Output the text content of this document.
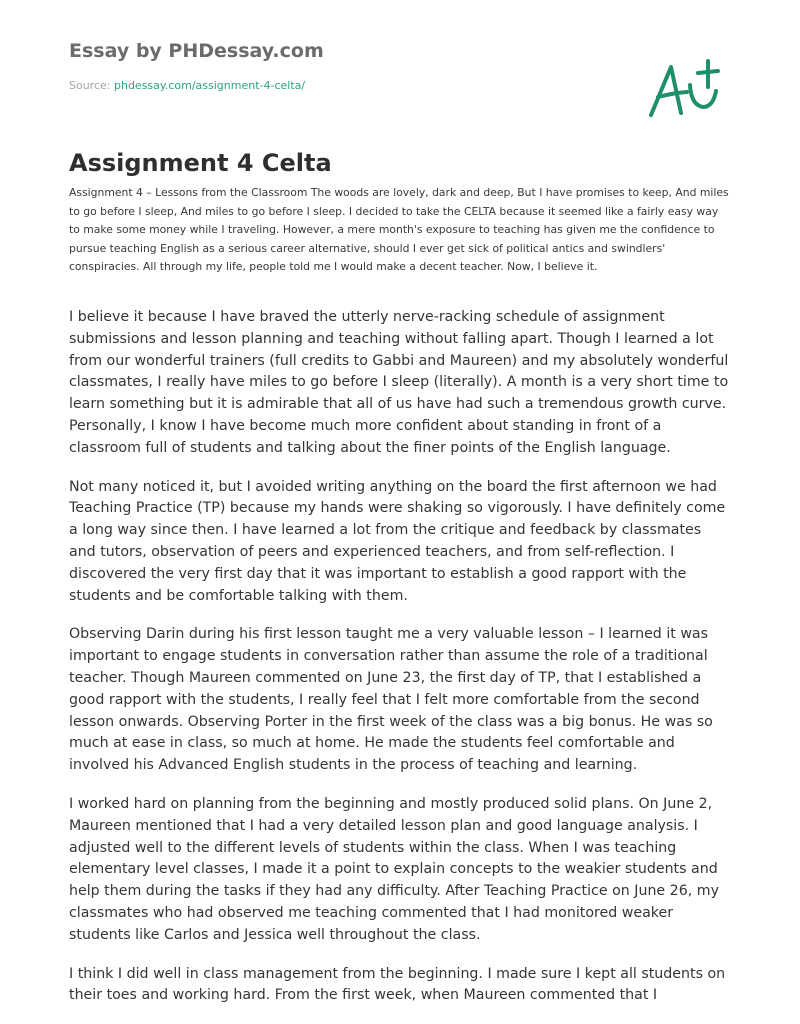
Essay by PHDessay.com
Source: phdessay.com/assignment-4-celta/
Assignment 4 Celta

Assignment 4 – Lessons from the Classroom The woods are lovely, dark and deep, But I have promises to keep, And miles to go before I sleep, And miles to go before I sleep. I decided to take the CELTA because it seemed like a fairly easy way to make some money while I traveling. However, a mere month's exposure to teaching has given me the confidence to pursue teaching English as a serious career alternative, should I ever get sick of political antics and swindlers' conspiracies. All through my life, people told me I would make a decent teacher. Now, I believe it.

I believe it because I have braved the utterly nerve-racking schedule of assignment submissions and lesson planning and teaching without falling apart. Though I learned a lot from our wonderful trainers (full credits to Gabbi and Maureen) and my absolutely wonderful classmates, I really have miles to go before I sleep (literally). A month is a very short time to learn something but it is admirable that all of us have had such a tremendous growth curve. Personally, I know I have become much more confident about standing in front of a classroom full of students and talking about the finer points of the English language.

Not many noticed it, but I avoided writing anything on the board the first afternoon we had Teaching Practice (TP) because my hands were shaking so vigorously. I have definitely come a long way since then. I have learned a lot from the critique and feedback by classmates and tutors, observation of peers and experienced teachers, and from self-reflection. I discovered the very first day that it was important to establish a good rapport with the students and be comfortable talking with them.

Observing Darin during his first lesson taught me a very valuable lesson – I learned it was important to engage students in conversation rather than assume the role of a traditional teacher. Though Maureen commented on June 23, the first day of TP, that I established a good rapport with the students, I really feel that I felt more comfortable from the second lesson onwards. Observing Porter in the first week of the class was a big bonus. He was so much at ease in class, so much at home. He made the students feel comfortable and involved his Advanced English students in the process of teaching and learning.

I worked hard on planning from the beginning and mostly produced solid plans. On June 2, Maureen mentioned that I had a very detailed lesson plan and good language analysis. I adjusted well to the different levels of students within the class. When I was teaching elementary level classes, I made it a point to explain concepts to the weakier students and help them during the tasks if they had any difficulty. After Teaching Practice on June 26, my classmates who had observed me teaching commented that I had monitored weaker students like Carlos and Jessica well throughout the class.

I think I did well in class management from the beginning. I made sure I kept all students on their toes and working hard. From the first week, when Maureen commented that I
